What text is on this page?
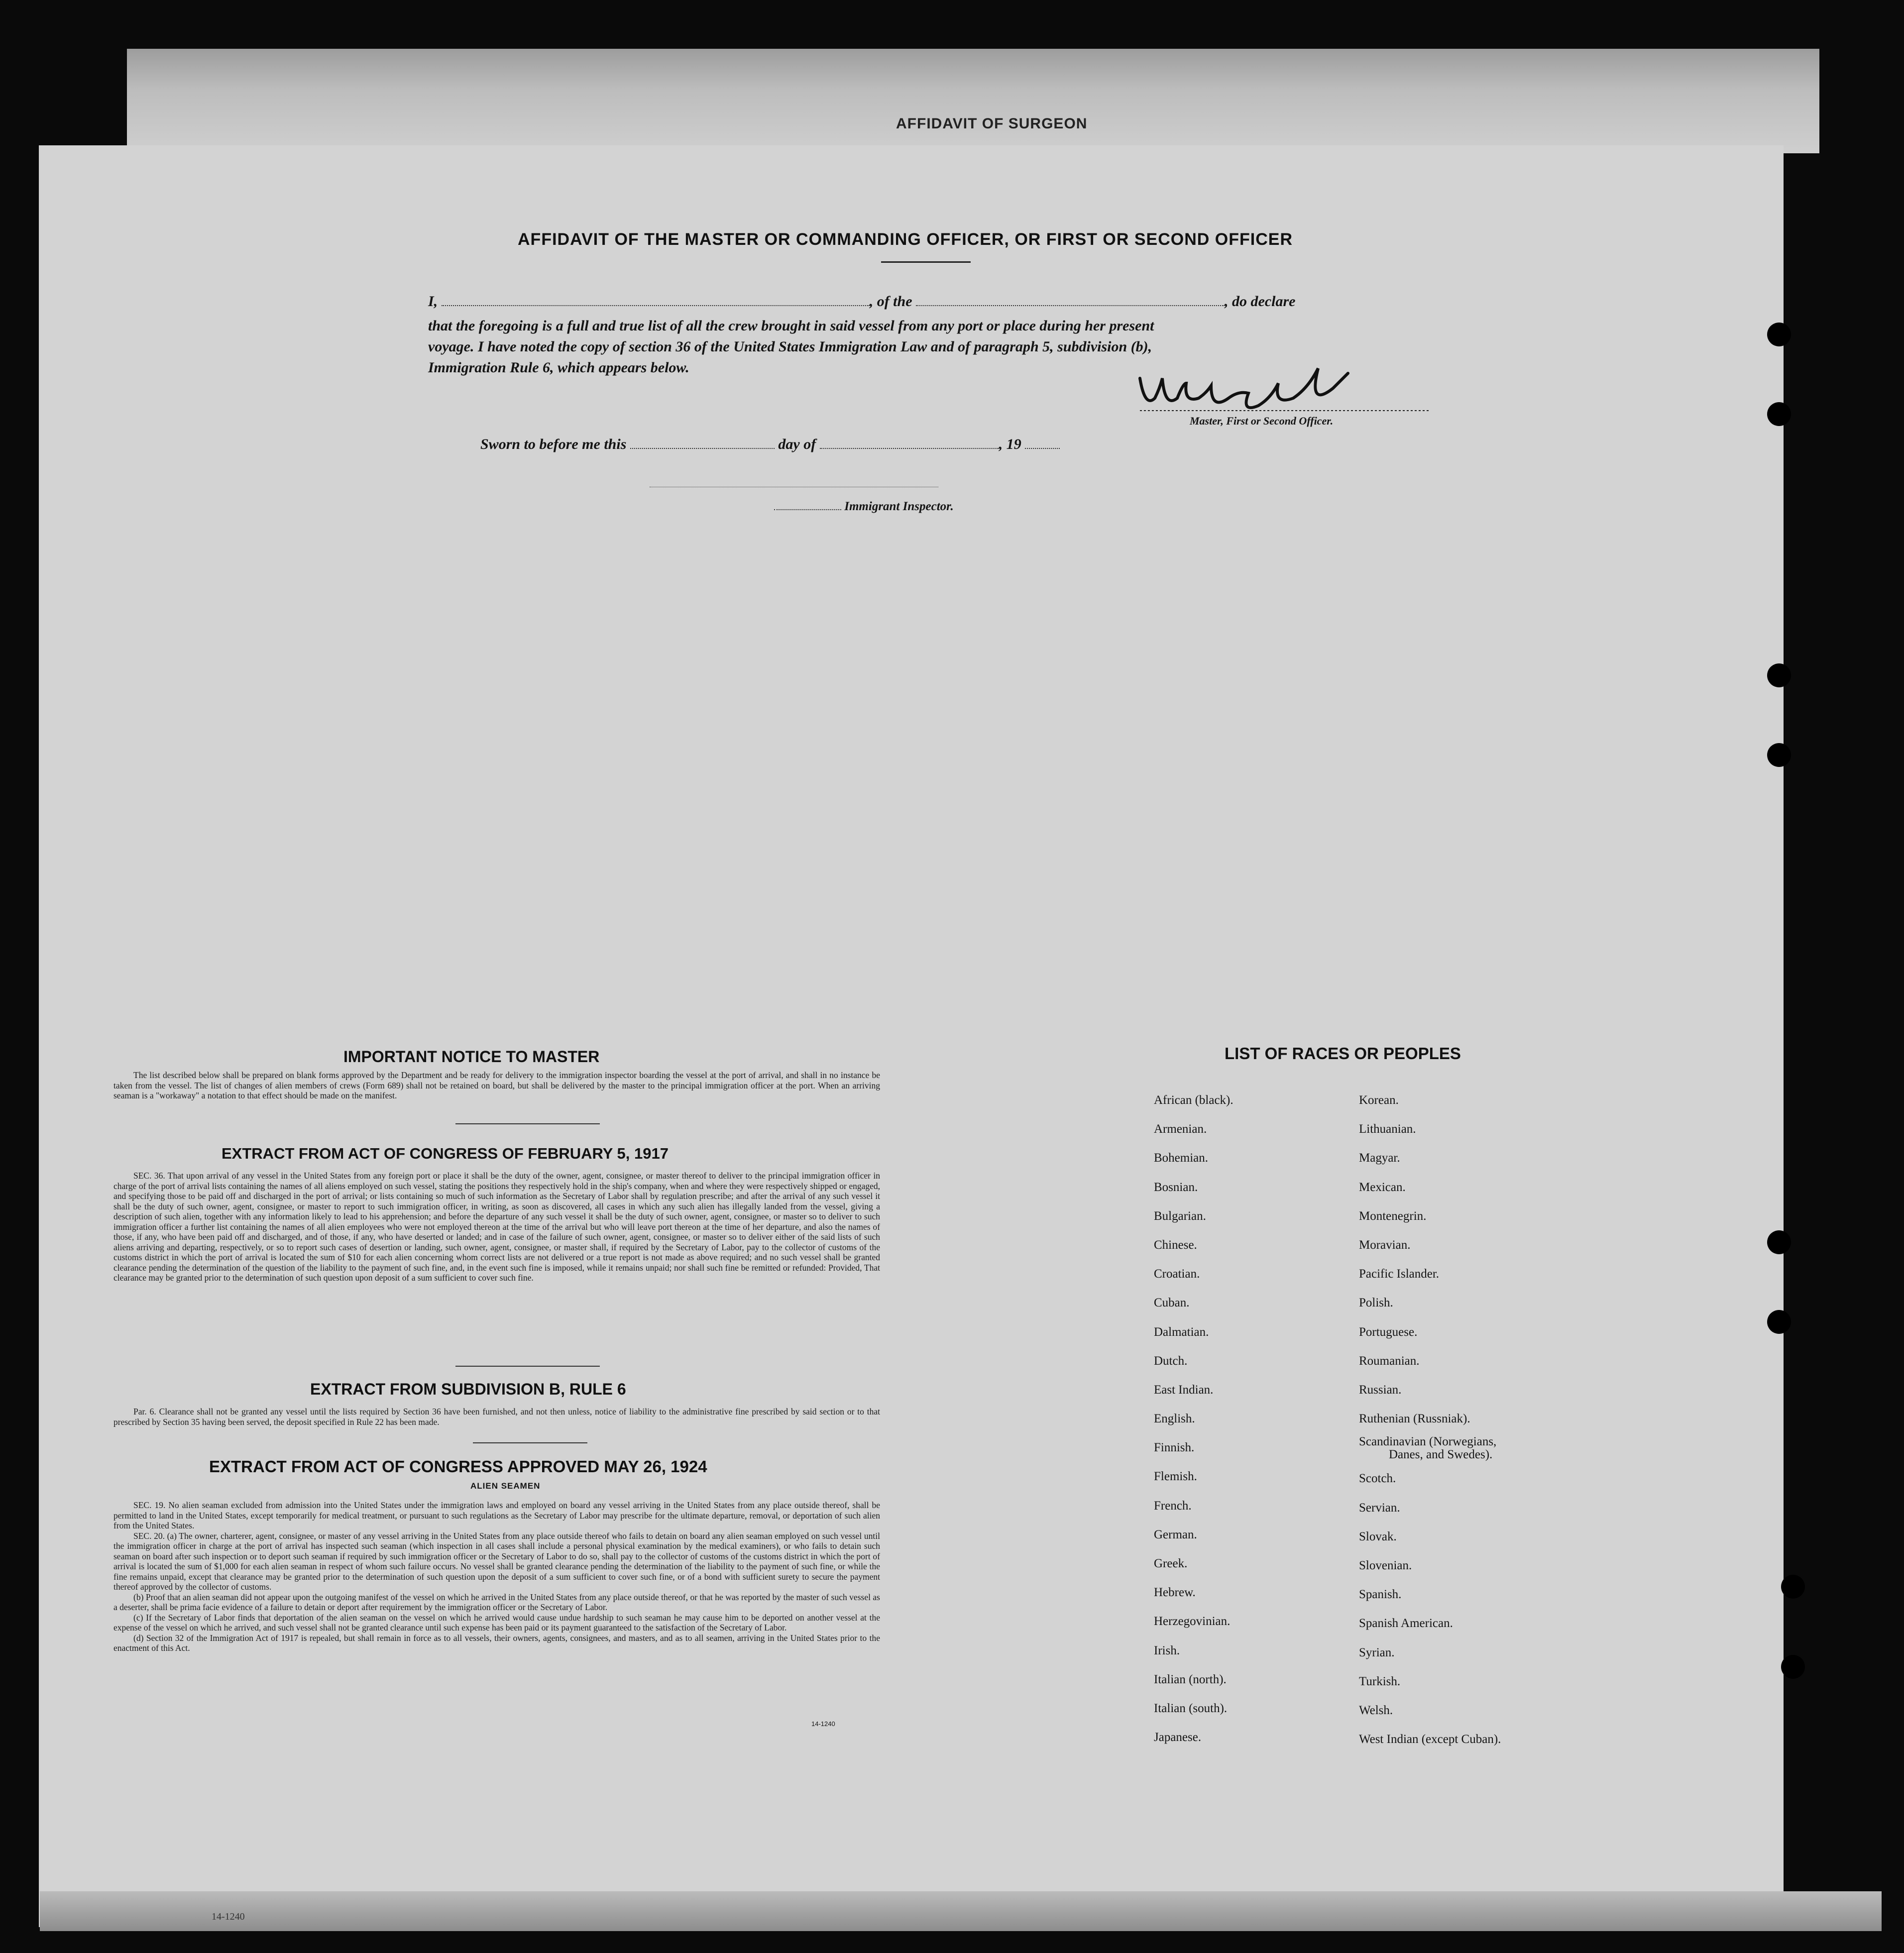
AFFIDAVIT OF SURGEON
AFFIDAVIT OF THE MASTER OR COMMANDING OFFICER, OR FIRST OR SECOND OFFICER
I,	, of the	, do declare
that the foregoing is a full and true list of all the crew brought in said vessel from any port or place during her present
voyage. I have noted the copy of section 36 of the United States Immigration Law and of paragraph 5, subdivision (b),
Immigration Rule 6, which appears below.
Master, First or Second Officer.
Sworn to before me this	day of	, 19
Immigrant Inspector.
IMPORTANT NOTICE TO MASTER

The list described below shall be prepared on blank forms approved by the Department and be ready for delivery to the immigration inspector boarding the vessel at the port of arrival, and shall in no instance be taken from the vessel. The list of changes of alien members of crews (Form 689) shall not be retained on board, but shall be delivered by the master to the principal immigration officer at the port. When an arriving seaman is a "workaway" a notation to that effect should be made on the manifest.

EXTRACT FROM ACT OF CONGRESS OF FEBRUARY 5, 1917

SEC. 36. That upon arrival of any vessel in the United States from any foreign port or place it shall be the duty of the owner, agent, consignee, or master thereof to deliver to the principal immigration officer in charge of the port of arrival lists containing the names of all aliens employed on such vessel, stating the positions they respectively hold in the ship's company, when and where they were respectively shipped or engaged, and specifying those to be paid off and discharged in the port of arrival; or lists containing so much of such information as the Secretary of Labor shall by regulation prescribe; and after the arrival of any such vessel it shall be the duty of such owner, agent, consignee, or master to report to such immigration officer, in writing, as soon as discovered, all cases in which any such alien has illegally landed from the vessel, giving a description of such alien, together with any information likely to lead to his apprehension; and before the departure of any such vessel it shall be the duty of such owner, agent, consignee, or master so to deliver to such immigration officer a further list containing the names of all alien employees who were not employed thereon at the time of the arrival but who will leave port thereon at the time of her departure, and also the names of those, if any, who have been paid off and discharged, and of those, if any, who have deserted or landed; and in case of the failure of such owner, agent, consignee, or master so to deliver either of the said lists of such aliens arriving and departing, respectively, or so to report such cases of desertion or landing, such owner, agent, consignee, or master shall, if required by the Secretary of Labor, pay to the collector of customs of the customs district in which the port of arrival is located the sum of $10 for each alien concerning whom correct lists are not delivered or a true report is not made as above required; and no such vessel shall be granted clearance pending the determination of the question of the liability to the payment of such fine, and, in the event such fine is imposed, while it remains unpaid; nor shall such fine be remitted or refunded: Provided, That clearance may be granted prior to the determination of such question upon deposit of a sum sufficient to cover such fine.

EXTRACT FROM SUBDIVISION B, RULE 6

Par. 6. Clearance shall not be granted any vessel until the lists required by Section 36 have been furnished, and not then unless, notice of liability to the administrative fine prescribed by said section or to that prescribed by Section 35 having been served, the deposit specified in Rule 22 has been made.

EXTRACT FROM ACT OF CONGRESS APPROVED MAY 26, 1924
ALIEN SEAMEN

SEC. 19. No alien seaman excluded from admission into the United States under the immigration laws and employed on board any vessel arriving in the United States from any place outside thereof, shall be permitted to land in the United States, except temporarily for medical treatment, or pursuant to such regulations as the Secretary of Labor may prescribe for the ultimate departure, removal, or deportation of such alien from the United States.

SEC. 20. (a) The owner, charterer, agent, consignee, or master of any vessel arriving in the United States from any place outside thereof who fails to detain on board any alien seaman employed on such vessel until the immigration officer in charge at the port of arrival has inspected such seaman (which inspection in all cases shall include a personal physical examination by the medical examiners), or who fails to detain such seaman on board after such inspection or to deport such seaman if required by such immigration officer or the Secretary of Labor to do so, shall pay to the collector of customs of the customs district in which the port of arrival is located the sum of $1,000 for each alien seaman in respect of whom such failure occurs. No vessel shall be granted clearance pending the determination of the liability to the payment of such fine, or while the fine remains unpaid, except that clearance may be granted prior to the determination of such question upon the deposit of a sum sufficient to cover such fine, or of a bond with sufficient surety to secure the payment thereof approved by the collector of customs.

(b) Proof that an alien seaman did not appear upon the outgoing manifest of the vessel on which he arrived in the United States from any place outside thereof, or that he was reported by the master of such vessel as a deserter, shall be prima facie evidence of a failure to detain or deport after requirement by the immigration officer or the Secretary of Labor.

(c) If the Secretary of Labor finds that deportation of the alien seaman on the vessel on which he arrived would cause undue hardship to such seaman he may cause him to be deported on another vessel at the expense of the vessel on which he arrived, and such vessel shall not be granted clearance until such expense has been paid or its payment guaranteed to the satisfaction of the Secretary of Labor.

(d) Section 32 of the Immigration Act of 1917 is repealed, but shall remain in force as to all vessels, their owners, agents, consignees, and masters, and as to all seamen, arriving in the United States prior to the enactment of this Act.

14-1240
LIST OF RACES OR PEOPLES
African (black).
Armenian.
Bohemian.
Bosnian.
Bulgarian.
Chinese.
Croatian.
Cuban.
Dalmatian.
Dutch.
East Indian.
English.
Finnish.
Flemish.
French.
German.
Greek.
Hebrew.
Herzegovinian.
Irish.
Italian (north).
Italian (south).
Japanese.
Korean.
Lithuanian.
Magyar.
Mexican.
Montenegrin.
Moravian.
Pacific Islander.
Polish.
Portuguese.
Roumanian.
Russian.
Ruthenian (Russniak).
Scandinavian (Norwegians,
Danes, and Swedes).
Scotch.
Servian.
Slovak.
Slovenian.
Spanish.
Spanish American.
Syrian.
Turkish.
Welsh.
West Indian (except Cuban).
14-1240
